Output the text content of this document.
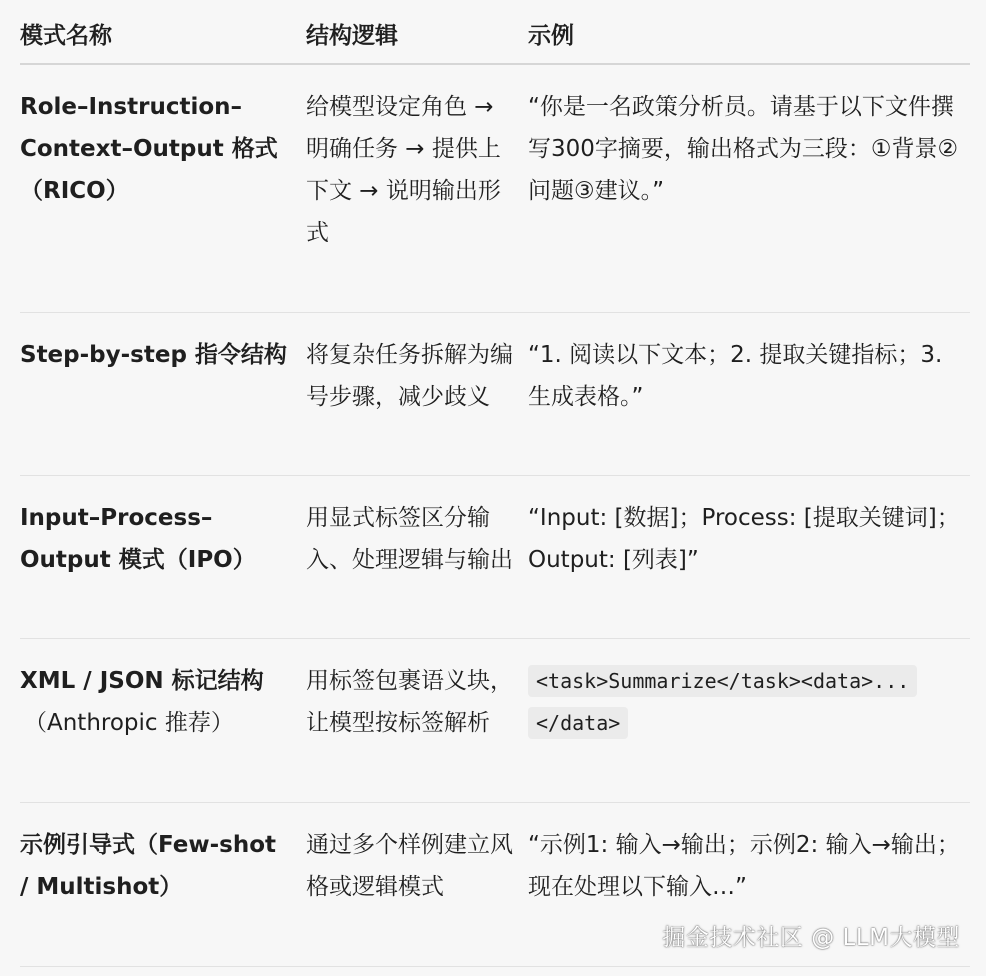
模式名称	结构逻辑	示例
Role–Instruction–Context–Output 格式（RICO）
给模型设定角色 → 明确任务 → 提供上下文 → 说明输出形式
“你是一名政策分析员。请基于以下文件撰写300字摘要，输出格式为三段：①背景②问题③建议。”
Step-by-step 指令结构 将复杂任务拆解为编号步骤，减少歧义
“1. 阅读以下文本；2. 提取关键指标；3. 生成表格。”
Input–Process–Output 模式（IPO）
用显式标签区分输入、处理逻辑与输出
“Input: [数据]；Process: [提取关键词]；Output: [列表]”
XML / JSON 标记结构
（Anthropic 推荐）
用标签包裹语义块，让模型按标签解析
<task>Summarize</task><data>...</data>
示例引导式（Few-shot / Multishot）
通过多个样例建立风格或逻辑模式
“示例1: 输入→输出；示例2: 输入→输出；现在处理以下输入…”
掘金技术社区 @ LLM大模型
